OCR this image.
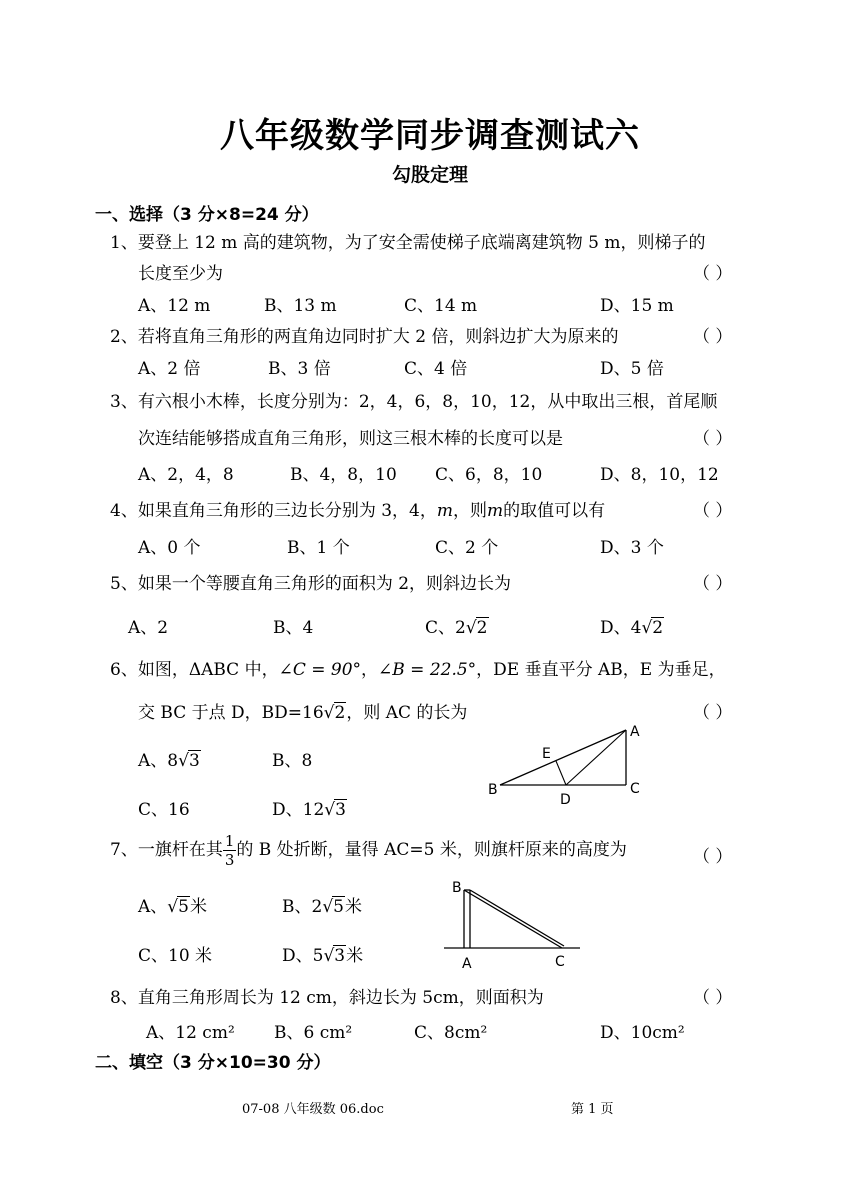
八年级数学同步调查测试六
勾股定理
一、选择（3 分×8=24 分）
1、要登上 12 m 高的建筑物，为了安全需使梯子底端离建筑物 5 m，则梯子的
长度至少为	（ ）
A、12 m	B、13 m	C、14 m	D、15 m
2、若将直角三角形的两直角边同时扩大 2 倍，则斜边扩大为原来的	（ ）
A、2 倍	B、3 倍	C、4 倍	D、5 倍
3、有六根小木棒，长度分别为：2，4，6，8，10，12，从中取出三根，首尾顺
次连结能够搭成直角三角形，则这三根木棒的长度可以是	（ ）
A、2，4，8	B、4，8，10 C、6，8，10	D、8，10，12
4、如果直角三角形的三边长分别为 3，4，m，则m的取值可以有	（ ）
A、0 个	B、1 个	C、2 个	D、3 个
5、如果一个等腰直角三角形的面积为 2，则斜边长为	（ ）
A、2	B、4	C、2√2	D、4√2
6、如图，ΔABC 中，∠C = 90°，∠B = 22.5°，DE 垂直平分 AB，E 为垂足，
交 BC 于点 D，BD=16√2，则 AC 的长为	（ ）
A、8√3	B、8
C、16	D、12√3
A
E
B
D
C
7、一旗杆在其 $\frac{1}{3}$ 的 B 处折断，量得 AC=5 米，则旗杆原来的高度为	（ ）
A、√5米	B、2√5米
C、10 米	D、5√3米
B
A	C
8、直角三角形周长为 12 cm，斜边长为 5cm，则面积为	（ ）
A、12 cm² B、6 cm²	C、8cm²	D、10cm²
二、填空（3 分×10=30 分）
07-08 八年级数 06.doc	第 1 页
